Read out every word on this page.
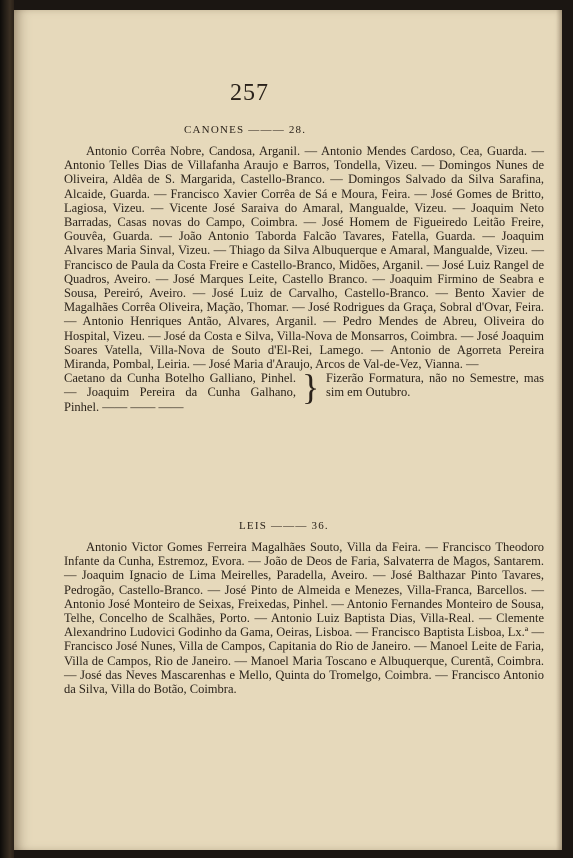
257
CANONES ——— 28.

Antonio Corrêa Nobre, Candosa, Arganil. — Antonio Mendes Cardoso, Cea, Guarda. — Antonio Telles Dias de Villafanha Araujo e Barros, Tondella, Vizeu. — Domingos Nunes de Oliveira, Aldêa de S. Margarida, Castello-Branco. — Domingos Salvado da Silva Sarafina, Alcaide, Guarda. — Francisco Xavier Corrêa de Sá e Moura, Feira. — José Gomes de Britto, Lagiosa, Vizeu. — Vicente José Saraiva do Amaral, Mangualde, Vizeu. — Joaquim Neto Barradas, Casas novas do Campo, Coimbra. — José Homem de Figueiredo Leitão Freire, Gouvêa, Guarda. — João Antonio Taborda Falcão Tavares, Fatella, Guarda. — Joaquim Alvares Maria Sinval, Vizeu. — Thiago da Silva Albuquerque e Amaral, Mangualde, Vizeu. — Francisco de Paula da Costa Freire e Castello-Branco, Midões, Arganil. — José Luiz Rangel de Quadros, Aveiro. — José Marques Leite, Castello Branco. — Joaquim Firmino de Seabra e Sousa, Pereiró, Aveiro. — José Luiz de Carvalho, Castello-Branco. — Bento Xavier de Magalhães Corrêa Oliveira, Mação, Thomar. — José Rodrigues da Graça, Sobral d'Ovar, Feira. — Antonio Henriques Antão, Alvares, Arganil. — Pedro Mendes de Abreu, Oliveira do Hospital, Vizeu. — José da Costa e Silva, Villa-Nova de Monsarros, Coimbra. — José Joaquim Soares Vatella, Villa-Nova de Souto d'El-Rei, Lamego. — Antonio de Agorreta Pereira Miranda, Pombal, Leiria. — José Maria d'Araujo, Arcos de Val-de-Vez, Vianna. —

Caetano da Cunha Botelho Galliano, Pinhel. — Joaquim Pereira da Cunha Galhano, Pinhel. —— —— ——	} Fizerão Formatura, não no Semestre, mas sim em Outubro.
LEIS ——— 36.

Antonio Victor Gomes Ferreira Magalhães Souto, Villa da Feira. — Francisco Theodoro Infante da Cunha, Estremoz, Evora. — João de Deos de Faria, Salvaterra de Magos, Santarem. — Joaquim Ignacio de Lima Meirelles, Paradella, Aveiro. — José Balthazar Pinto Tavares, Pedrogão, Castello-Branco. — José Pinto de Almeida e Menezes, Villa-Franca, Barcellos. — Antonio José Monteiro de Seixas, Freixedas, Pinhel. — Antonio Fernandes Monteiro de Sousa, Telhe, Concelho de Scalhães, Porto. — Antonio Luiz Baptista Dias, Villa-Real. — Clemente Alexandrino Ludovici Godinho da Gama, Oeiras, Lisboa. — Francisco Baptista Lisboa, Lx.ª — Francisco José Nunes, Villa de Campos, Capitania do Rio de Janeiro. — Manoel Leite de Faria, Villa de Campos, Rio de Janeiro. — Manoel Maria Toscano e Albuquerque, Curentã, Coimbra. — José das Neves Mascarenhas e Mello, Quinta do Tromelgo, Coimbra. — Francisco Antonio da Silva, Villa do Botão, Coimbra.
